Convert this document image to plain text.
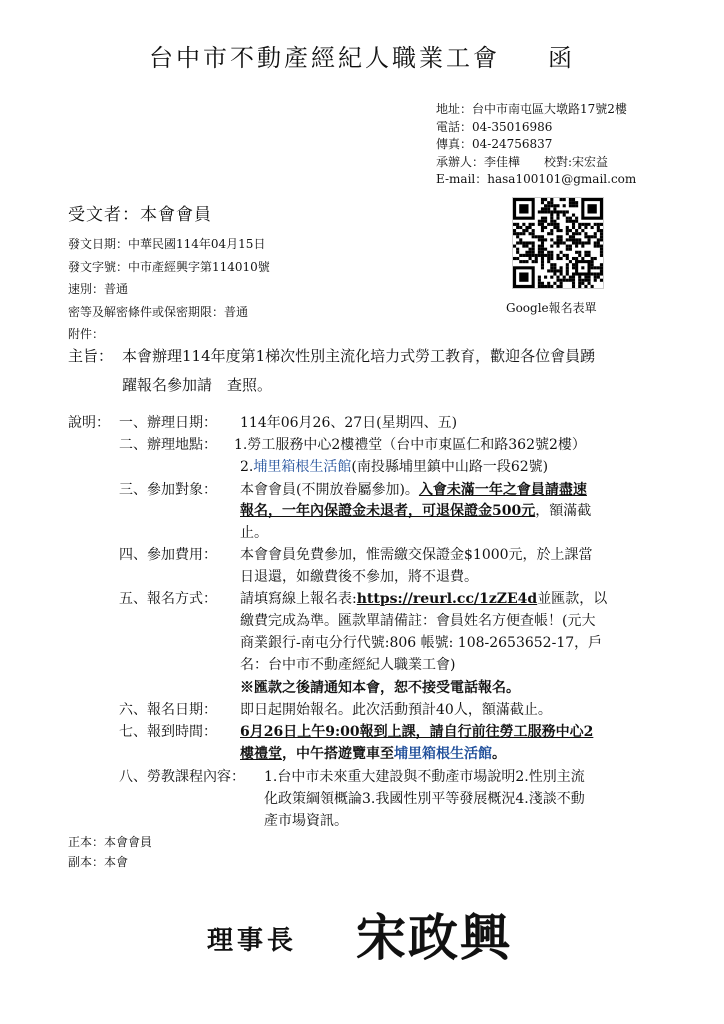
台中市不動產經紀人職業工會 函
地址：台中市南屯區大墩路17號2樓
電話：04-35016986
傳真：04-24756837
承辦人：李佳樺　　校對:宋宏益
E-mail：hasa100101@gmail.com
受文者：本會會員
發文日期：中華民國114年04月15日
發文字號：中市產經興字第114010號
速別：普通
密等及解密條件或保密期限：普通
附件：
Google報名表單
主旨： 本會辦理114年度第1梯次性別主流化培力式勞工教育，歡迎各位會員踴
躍報名參加請　查照。
說明： 一、辦理日期： 114年06月26、27日(星期四、五)
二、辦理地點： 1.勞工服務中心2樓禮堂（台中市東區仁和路362號2樓）
2.埔里箱根生活館(南投縣埔里鎮中山路一段62號)
三、參加對象： 本會會員(不開放眷屬參加)。入會未滿一年之會員請盡速
報名，一年內保證金未退者，可退保證金500元，額滿截
止。
四、參加費用： 本會會員免費參加，惟需繳交保證金$1000元，於上課當
日退還，如繳費後不參加，將不退費。
五、報名方式： 請填寫線上報名表:https://reurl.cc/1zZE4d並匯款，以
繳費完成為準。匯款單請備註：會員姓名方便查帳！(元大
商業銀行-南屯分行代號:806 帳號: 108-2653652-17，戶
名：台中市不動產經紀人職業工會)
※匯款之後請通知本會，恕不接受電話報名。
六、報名日期： 即日起開始報名。此次活動預計40人，額滿截止。
七、報到時間： 6月26日上午9:00報到上課，請自行前往勞工服務中心2
樓禮堂，中午搭遊覽車至埔里箱根生活館。
八、勞教課程內容： 1.台中市未來重大建設與不動產市場說明2.性別主流
化政策綱領概論3.我國性別平等發展概況4.淺談不動
產市場資訊。
正本：本會會員
副本：本會
理事長 宋政興
